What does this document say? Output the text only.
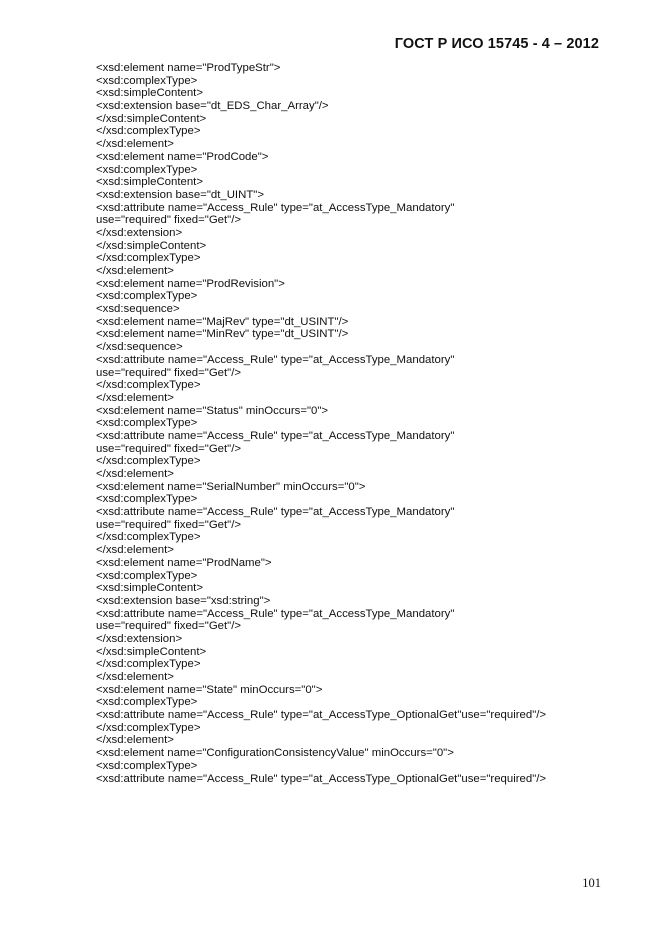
ГОСТ Р ИСО 15745 - 4 – 2012
<xsd:element name="ProdTypeStr">
<xsd:complexType>
<xsd:simpleContent>
<xsd:extension base="dt_EDS_Char_Array"/>
</xsd:simpleContent>
</xsd:complexType>
</xsd:element>
<xsd:element name="ProdCode">
<xsd:complexType>
<xsd:simpleContent>
<xsd:extension base="dt_UINT">
<xsd:attribute name="Access_Rule" type="at_AccessType_Mandatory"
use="required" fixed="Get"/>
</xsd:extension>
</xsd:simpleContent>
</xsd:complexType>
</xsd:element>
<xsd:element name="ProdRevision">
<xsd:complexType>
<xsd:sequence>
<xsd:element name="MajRev" type="dt_USINT"/>
<xsd:element name="MinRev" type="dt_USINT"/>
</xsd:sequence>
<xsd:attribute name="Access_Rule" type="at_AccessType_Mandatory"
use="required" fixed="Get"/>
</xsd:complexType>
</xsd:element>
<xsd:element name="Status" minOccurs="0">
<xsd:complexType>
<xsd:attribute name="Access_Rule" type="at_AccessType_Mandatory"
use="required" fixed="Get"/>
</xsd:complexType>
</xsd:element>
<xsd:element name="SerialNumber" minOccurs="0">
<xsd:complexType>
<xsd:attribute name="Access_Rule" type="at_AccessType_Mandatory"
use="required" fixed="Get"/>
</xsd:complexType>
</xsd:element>
<xsd:element name="ProdName">
<xsd:complexType>
<xsd:simpleContent>
<xsd:extension base="xsd:string">
<xsd:attribute name="Access_Rule" type="at_AccessType_Mandatory"
use="required" fixed="Get"/>
</xsd:extension>
</xsd:simpleContent>
</xsd:complexType>
</xsd:element>
<xsd:element name="State" minOccurs="0">
<xsd:complexType>
<xsd:attribute name="Access_Rule" type="at_AccessType_OptionalGet"use="required"/>
</xsd:complexType>
</xsd:element>
<xsd:element name="ConfigurationConsistencyValue" minOccurs="0">
<xsd:complexType>
<xsd:attribute name="Access_Rule" type="at_AccessType_OptionalGet"use="required"/>
101
